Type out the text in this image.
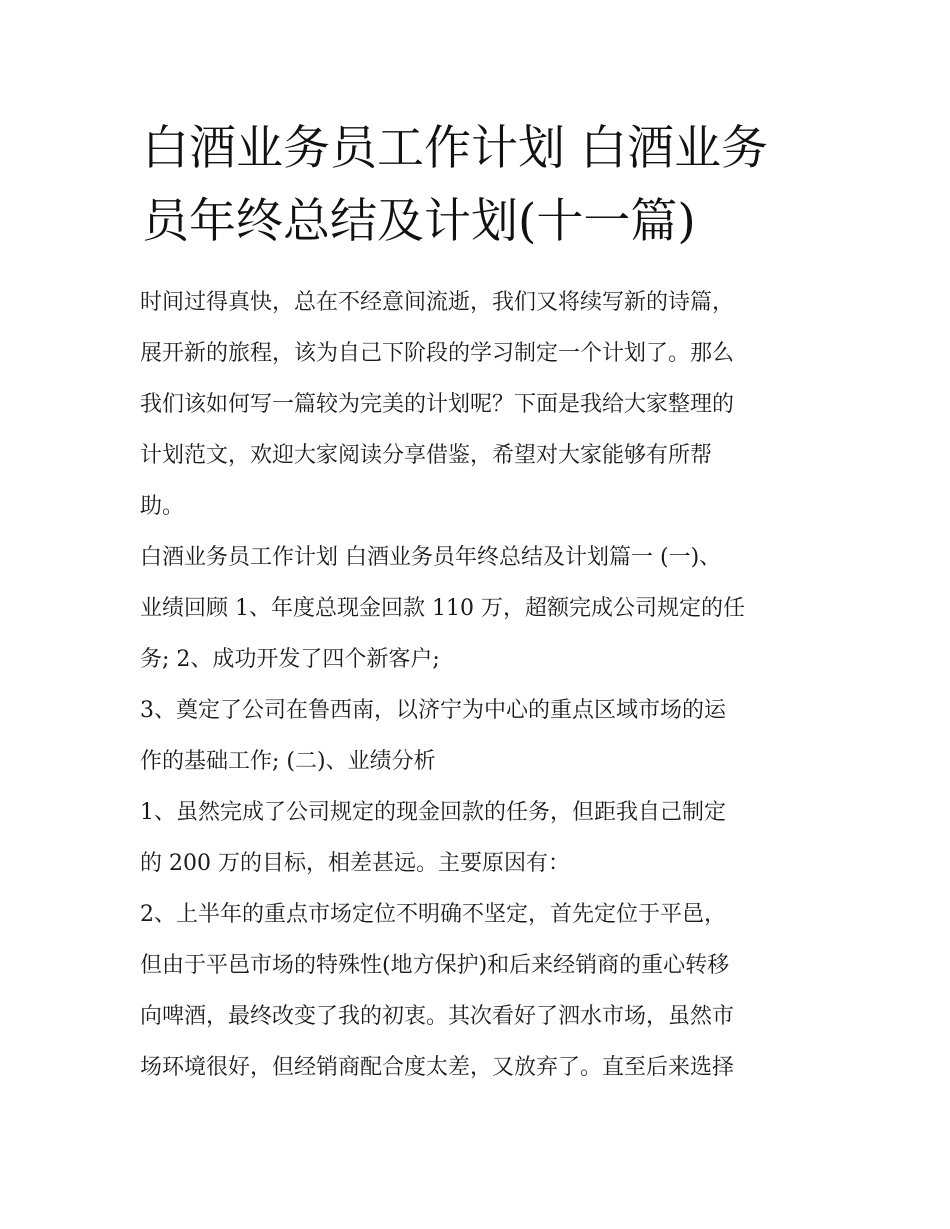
白酒业务员工作计划 白酒业务
员年终总结及计划(十一篇)

时间过得真快，总在不经意间流逝，我们又将续写新的诗篇，

展开新的旅程，该为自己下阶段的学习制定一个计划了。那么

我们该如何写一篇较为完美的计划呢？下面是我给大家整理的

计划范文，欢迎大家阅读分享借鉴，希望对大家能够有所帮

助。

白酒业务员工作计划 白酒业务员年终总结及计划篇一 (一)、

业绩回顾 1、年度总现金回款 110 万，超额完成公司规定的任

务; 2、成功开发了四个新客户;

3、奠定了公司在鲁西南，以济宁为中心的重点区域市场的运

作的基础工作; (二)、业绩分析

1、虽然完成了公司规定的现金回款的任务，但距我自己制定

的 200 万的目标，相差甚远。主要原因有：

2、上半年的重点市场定位不明确不坚定，首先定位于平邑，

但由于平邑市场的特殊性(地方保护)和后来经销商的重心转移

向啤酒，最终改变了我的初衷。其次看好了泗水市场，虽然市

场环境很好，但经销商配合度太差，又放弃了。直至后来选择
